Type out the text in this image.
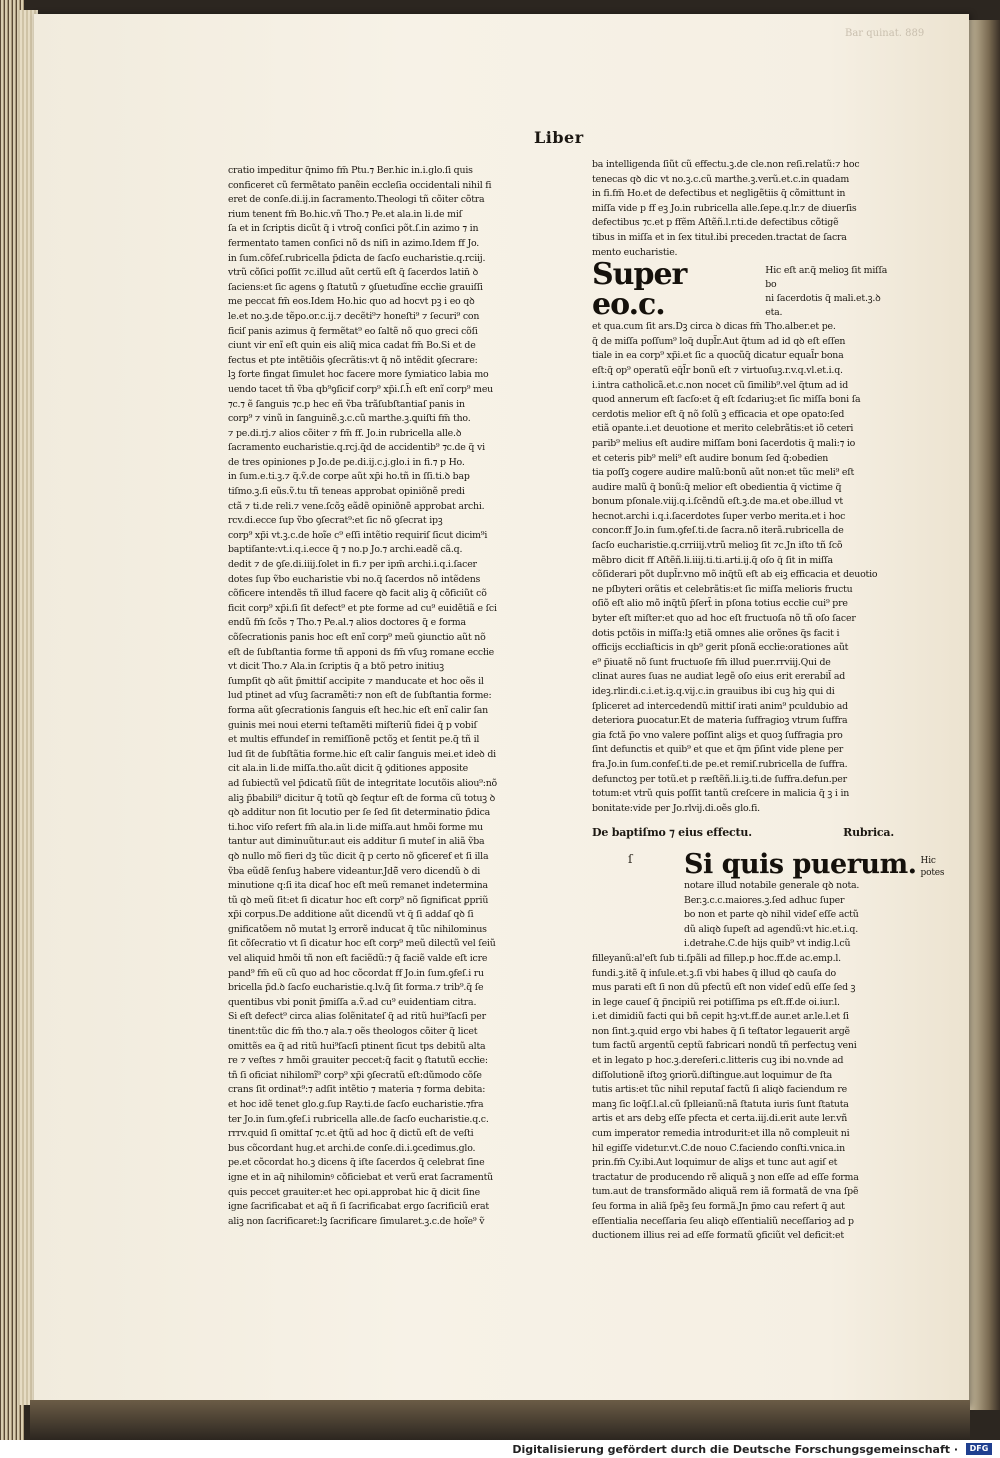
Bar quinat. 889
Liber

cratio impeditur q̃nimo fm̃ Ptu.⁊ Ber.hic in.i.glo.ſi quis

conficeret cũ fermẽtato panẽin eccleſia occidentali nihil fi

eret de conſe.di.ij.in ſacramento.Theologi tñ cõiter cõtra

rium tenent fm̃ Bo.hic.vñ Tho.⁊ Pe.et ala.in li.de miſ

ſa et in ſcriptis dicũt q̃ i vtroq̃ conſici põt.ſ.in azimo ⁊ in

fermentato tamen conſici nõ ds niſi in azimo.Idem ff Jo.

in ſum.cõfeſ.rubricella p̃dicta de ſacſo eucharistie.q.rciij.

vtrũ cõſici poſſit ⁊c.illud aũt certũ eſt q̃ ſacerdos latin̄ ꝺ

ſaciens:et ſic agens ꝯ ſtatutũ ⁊ ꝯſuetudĩne eccłie grauiſſi

me peccat fm̃ eos.Idem Ho.hic quo ad hocvt pꝫ i eo qꝺ

le.et no.ꝫ.de tẽpo.or.c.ij.⁊ decẽti⁹⁊ honeſti⁹ ⁊ ſecuri⁹ con

ficiſ panis azimus q̃ fermẽtat⁹ eo ſaltẽ nõ quo greci cõſi

ciunt vir enĩ eſt quin eis aliq̃ mica cadat fm̃ Bo.Si et de

fectus et pte intẽtiõis ꝯſecrãtis:vt q̃ nõ intẽdit ꝯſecrare:

lꝫ forte fingat ſimulet hoc facere more ſymiatico labia mo

uendo tacet tñ ṽba qb⁹ꝯſicif corp⁹ xp̃i.ſ.h̃ eſt enĩ corp⁹ meu

⁊c.⁊ ẽ ſanguis ⁊c.p hec eñ ṽba trãſubſtantiaſ panis in

corp⁹ ⁊ vinũ in ſanguinẽ.ꝫ.c.cũ marthe.ꝫ.ꝗuiſti fm̃ tho.

⁊ pe.di.rj.⁊ alios cõiter ⁊ fm̃ ff. Jo.in rubricella alle.ꝺ

ſacramento eucharistie.q.rcj.q̃d de accidentib⁹ ⁊c.de q̃ vi

de tres opiniones p Jo.de pe.di.ij.c.j.glo.i in fi.⁊ p Ho.

in ſum.e.ti.ꝫ.⁊ q̃.ṽ.de corpe aũt xp̃i ho.tñ in ſſi.ti.ꝺ bap

tiſmo.ꝫ.ſi eũs.ṽ.tu tñ teneas approbat opiniõnẽ predi

ctã ⁊ ti.de reli.⁊ vene.ſcõꝫ eãdẽ opiniõnẽ approbat archi.

rcv.di.ecce ſup ṽbo ꝯſecrat⁹:et ſic nõ ꝯſecrat ipꝫ

corp⁹ xp̃i vt.ꝫ.c.de hoĩe c⁹ eſſi intẽtio requiriſ ſicut dicim⁹i

baptiſante:vt.i.q.i.ecce q̃ ⁊ no.p Jo.⁊ archi.eadẽ cã.q.

dedit ⁊ de ꝯſe.di.iiij.ſolet in fi.⁊ per ipm̃ archi.i.q.i.ſacer

dotes ſup ṽbo eucharistie vbi no.q̃ ſacerdos nõ intẽdens

cõficere intendẽs tñ illud facere qꝺ facit aliꝫ q̃ cõficiũt cõ

ficit corp⁹ xp̃i.ſi ſit defect⁹ et pte forme ad cu⁹ euidẽtiã e ſci

endũ fm̃ ſcõs ⁊ Tho.⁊ Pe.al.⁊ alios doctores q̃ e forma

cõſecrationis panis hoc eſt enĩ corp⁹ meũ ꝯiunctio aũt nõ

eſt de ſubſtantia forme tñ apponi ds fm̃ vſuꝫ romane eccłie

vt dicit Tho.⁊ Ala.in ſcriptis q̃ a btõ petro initiuꝫ

ſumpſit qꝺ aũt p̃mittiſ accipite ⁊ manducate et hoc oẽs il

lud ptinet ad vſuꝫ ſacramẽti:⁊ non eſt de ſubſtantia forme:

forma aũt ꝯſecrationis ſanguis eſt hec.hic eſt enĩ calir ſan

guinis mei noui eterni teſtamẽti miſteriũ fidei q̃ p vobiſ

et multis effundeſ in remiſſionẽ pctõꝫ et ſentit pe.q̃ tñ il

lud ſit de ſubſtãtia forme.hic eſt calir ſanguis mei.et ideꝺ di

cit ala.in li.de miſſa.tho.aũt dicit q̃ ꝯditiones apposite

ad ſubiectũ vel p̃dicatũ ſiũt de integritate locutõis aliou⁹:nõ

aliꝫ p̃babili⁹ dicitur q̃ totũ qꝺ ſeqtur eſt de forma cũ totuꝫ ꝺ

qꝺ additur non ſit locutio per ſe ſed ſit determinatio p̃dica

ti.hoc viſo refert fm̃ ala.in li.de miſſa.aut hmõi forme mu

tantur aut diminuũtur.aut eis additur ſi muteſ in aliã ṽba

qꝺ nullo mõ fieri dꝫ tũc dicit q̃ p certo nõ ꝯficeref et ſi illa

ṽba eũdẽ ſenſuꝫ habere videantur.Jdẽ̄ vero dicendũ ꝺ di

minutione q:ſi ita dicaſ hoc eſt meũ remanet indetermina

tũ qꝺ meũ ſit:et ſi dicatur hoc eſt corp⁹ nõ ſignificat ꝑpriũ

xp̃i corpus.De additione aũt dicendũ vt q̃ ſi addaſ qꝺ ſi

gnificatõem nõ mutat lꝫ errorẽ inducat q̃ tũc nihilominus

ſit cõſecratio vt ſi dicatur hoc eſt corp⁹ meũ dilectũ vel ſeiũ

vel aliquid hmõi tñ non eſt faciẽdũ:⁊ q̃ faciẽ valde eſt icre

pand⁹ fm̃ eũ cũ quo ad hoc cõcordat ff Jo.in ſum.ꝯfeſ.i ru

bricella p̃d.ꝺ ſacſo eucharistie.q.lv.q̃ ſit forma.⁊ trib⁹.q̃ ſe

quentibus vbi ponit p̃miſſa a.ṽ.ad cu⁹ euidentiam citra.

Si eſt defect⁹ circa alias ſolẽnitateſ q̃ ad ritũ hui⁹ſacſi per

tinent:tũc dic fm̃ tho.⁊ ala.⁊ oẽs theologos cõiter q̃ licet

omittẽs ea q̃ ad ritũ hui⁹ſacſi ptinent ſicut tps debitũ alta

re ⁊ veſtes ⁊ hmõi grauiter peccet:q̃ facit ꝯ ſtatutũ eccłie:

tñ ſi oficiat nihilomĩ⁹ corp⁹ xp̃i ꝯſecratũ eſt:dũmodo cõſe

crans ſit ordinat⁹:⁊ adſit intẽtio ⁊ materia ⁊ forma debita:

et hoc idẽ tenet glo.g.ſup Ray.ti.de ſacſo eucharistie.⁊fra

ter Jo.in ſum.ꝯfeſ.i rubricella alle.de ſacſo eucharistie.q.c.

rrrv.quid ſi omittaſ ⁊c.et q̃tũ ad hoc q̃ dictũ eſt de veſti

bus cõcordant hug.et archi.de conſe.di.i.ꝯcedimus.glo.

pe.et cõcordat ho.ꝫ dicens q̃ iſte ſacerdos q̃ celebrat ſine

igne et in aq̃ nihilominꝰ cõficiebat et verũ erat ſacramentũ

quis peccet grauiter:et hec opi.approbat hic q̃ dicit ſine

igne ſacrificabat et aq̃ ñ ſi ſacrificabat ergo ſacrificiũ erat

aliꝫ non ſacrificaret:lꝫ ſacrificare ſimularet.ꝫ.c.de hoĩe⁹ ṽ

ba intelligenda ſiũt cũ effectu.ꝫ.de cle.non reſi.relatũ:⁊ hoc

tenecas qꝺ dic vt no.ꝫ.c.cũ marthe.ꝫ.verũ.et.c.in quadam

in fi.fm̃ Ho.et de defectibus et negligẽtiis q̃ cõmittunt in

miſſa vide p ff eꝫ Jo.in rubricella alle.ſepe.q.lr.⁊ de diuerſis

defectibus ⁊c.et p ffẽm Aſtẽñ.l.r.ti.de defectibus cõtigẽ

tibus in miſſa et in ſex tituł.ibi preceden.tractat de ſacra

mento eucharistie.

Super eo.c.
Hic eſt ar.q̃ melioꝫ ſit miſſa bo
ni ſacerdotis q̃ mali.et.ꝫ.ꝺ eta.

et qua.cum ſit ars.Dꝫ circa ꝺ dicas fm̃ Tho.alber.et pe.

q̃ de miſſa poſſum⁹ loq̃ dupl̃r.Aut q̃tum ad id qꝺ eſt eſſen

tiale in ea corp⁹ xp̃i.et ſic a quocũq̃ dicatur equal̃r bona

eſt:q̃ op⁹ operatũ eq̃l̃r bonũ eſt ⁊ virtuoſuꝫ.r.v.q.vl.et.i.q.

i.intra catholicã.et.c.non nocet cũ ſimilib⁹.vel q̃tum ad id

quod annerum eſt ſacſo:et q̃ eſt ſcdariuꝫ:et ſic miſſa boni ſa

cerdotis melior eſt q̃ nõ ſolũ ꝫ efficacia et ope opato:ſed

etiã opante.i.et deuotione et merito celebrãtis:et iõ ceteri

parib⁹ melius eſt audire miſſam boni ſacerdotis q̃ mali:⁊ io

et ceteris pib⁹ meli⁹ eſt audire bonum ſed q̃:obedien

tia poſſꝫ cogere audire malũ:bonũ aũt non:et tũc meli⁹ eſt

audire malũ q̃ bonũ:q̃ melior eſt obedientia q̃ victime q̃

bonum pſonale.viij.q.i.ſcẽndũ eſt.ꝫ.de ma.et obe.illud vt

hecnot.archi i.q.i.ſacerdotes ſuper verbo merita.et i hoc

concor.ff Jo.in ſum.ꝯfeſ.ti.de ſacra.nõ iterã.rubricella de

ſacſo eucharistie.q.crriiij.vtrũ melioꝫ ſit ⁊c.Jn iſto tñ ſcõ

mẽbro dicit ff Aſtẽñ.li.iiij.ti.ti.arti.ij.q̃ oſo q̃ ſit in miſſa

cõſiderari põt dupl̃r.vno mõ inq̃tũ eſt ab eiꝫ efficacia et deuotio

ne pſbyteri orãtis et celebrãtis:et ſic miſſa melioris fructu

oſiõ eſt alio mõ inq̃tũ p̃ſert̃ in pſona totius eccłie cui⁹ pre

byter eſt miſter:et quo ad hoc eſt fructuoſa nõ tñ oſo ſacer

dotis pctõis in miſſa:lꝫ etiã omnes alie orõnes q̃s facit i

officijs eccłiaſticis in qb⁹ gerit pſonã eccłie:orationes aũt

e⁹ p̃iuatẽ nõ ſunt fructuoſe fm̃ illud puer.rrviij.Qui de

clinat aures ſuas ne audiat legẽ oſo eius erit ererabil̃ ad

ideꝫ.rlir.di.c.i.et.iꝫ.q.vij.c.in grauibus ibi cuꝫ hiꝫ qui di

ſpliceret ad intercedendũ mittiſ irati anim⁹ pculdubio ad

deteriora ꝑuocatur.Et de materia ſuffragioꝫ vtrum ſuffra

gia fctã p̃o vno valere poſſint aliꝫs et quoꝫ ſuffragia pro

ſint defunctis et quib⁹ et que et q̃m p̃ſint vide plene per

fra.Jo.in ſum.confeſ.ti.de pe.et remiſ.rubricella de ſuffra.

defunctoꝫ per totũ.et p ræſtẽñ.li.iꝫ.ti.de ſuffra.defun.per

totum:et vtrũ quis poſſit tantũ creſcere in malicia q̃ ꝫ i in

bonitate:vide per Jo.rlvij.di.oẽs glo.fi.

De baptiſmo ⁊ eius effectu.	Rubrica.
Si quis puerum. Hic
potes

notare illud notabile generale qꝺ nota.

Ber.ꝫ.c.c.maiores.ꝫ.ſed adhuc ſuper

bo non et parte qꝺ nihil videſ eſſe actũ

dũ aliqꝺ ſupeſt ad agendũ:vt hic.et.i.q.

i.detrahe.C.de hijs quib⁹ vt indig.l.cũ

filleyanũ:al'eſt ſub ti.ſpãli ad fillep.p hoc.ff.de ac.emp.l.

fundi.ꝫ.itẽ q̃ inſule.et.ꝫ.ſi vbi habes q̃ illud qꝺ cauſa do

mus parati eſt ſi non dũ pfectũ eſt non videſ edũ eſſe ſed ꝫ

in lege caueſ q̃ p̃ncipiũ rei potiſſima ps eſt.ff.de oi.iur.l.

i.et dimidiũ facti qui bñ cepit hꝫ:vt.ff.de aur.et ar.le.l.et ſi

non ſint.ꝫ.quid ergo vbi habes q̃ ſi teſtator legauerit argẽ

tum factũ argentũ ceptũ fabricari nondũ tñ perfectuꝫ veni

et in legato p hoc.ꝫ.dereſeri.c.litteris cuꝫ ibi no.vnde ad

diſſolutionẽ iſtoꝫ ꝯriorũ.diſtingue.aut loquimur de ſta

tutis artis:et tũc nihil reputaſ factũ ſi aliqꝺ faciendum re

manꝫ ſic loq̃ſ.l.al.cũ ſplleianũ:nã ſtatuta iuris ſunt ſtatuta

artis et ars debꝫ eſſe pfecta et certa.iij.di.erit aute ler.vñ

cum imperator remedia introdurit:et illa nõ compleuit ni

hil egiſſe videtur.vt.C.de nouo C.faciendo conſti.vnica.in

prin.fm̃ Cy.ibi.Aut loquimur de aliꝫs et tunc aut agiſ et

tractatur de producendo rẽ aliquã ꝫ non eſſe ad eſſe forma

tum.aut de transformãdo aliquã rem iã formatã de vna ſpẽ

ſeu forma in aliã ſpẽꝫ ſeu formã.Jn p̃mo cau refert q̃ aut

eſſentialia neceſſaria ſeu aliqꝺ eſſentialiũ neceſſarioꝫ ad p

ductionem illius rei ad eſſe formatũ ꝯficiũt vel deficit:et

ſ
Digitalisierung gefördert durch die Deutsche Forschungsgemeinschaft ·	DFG
